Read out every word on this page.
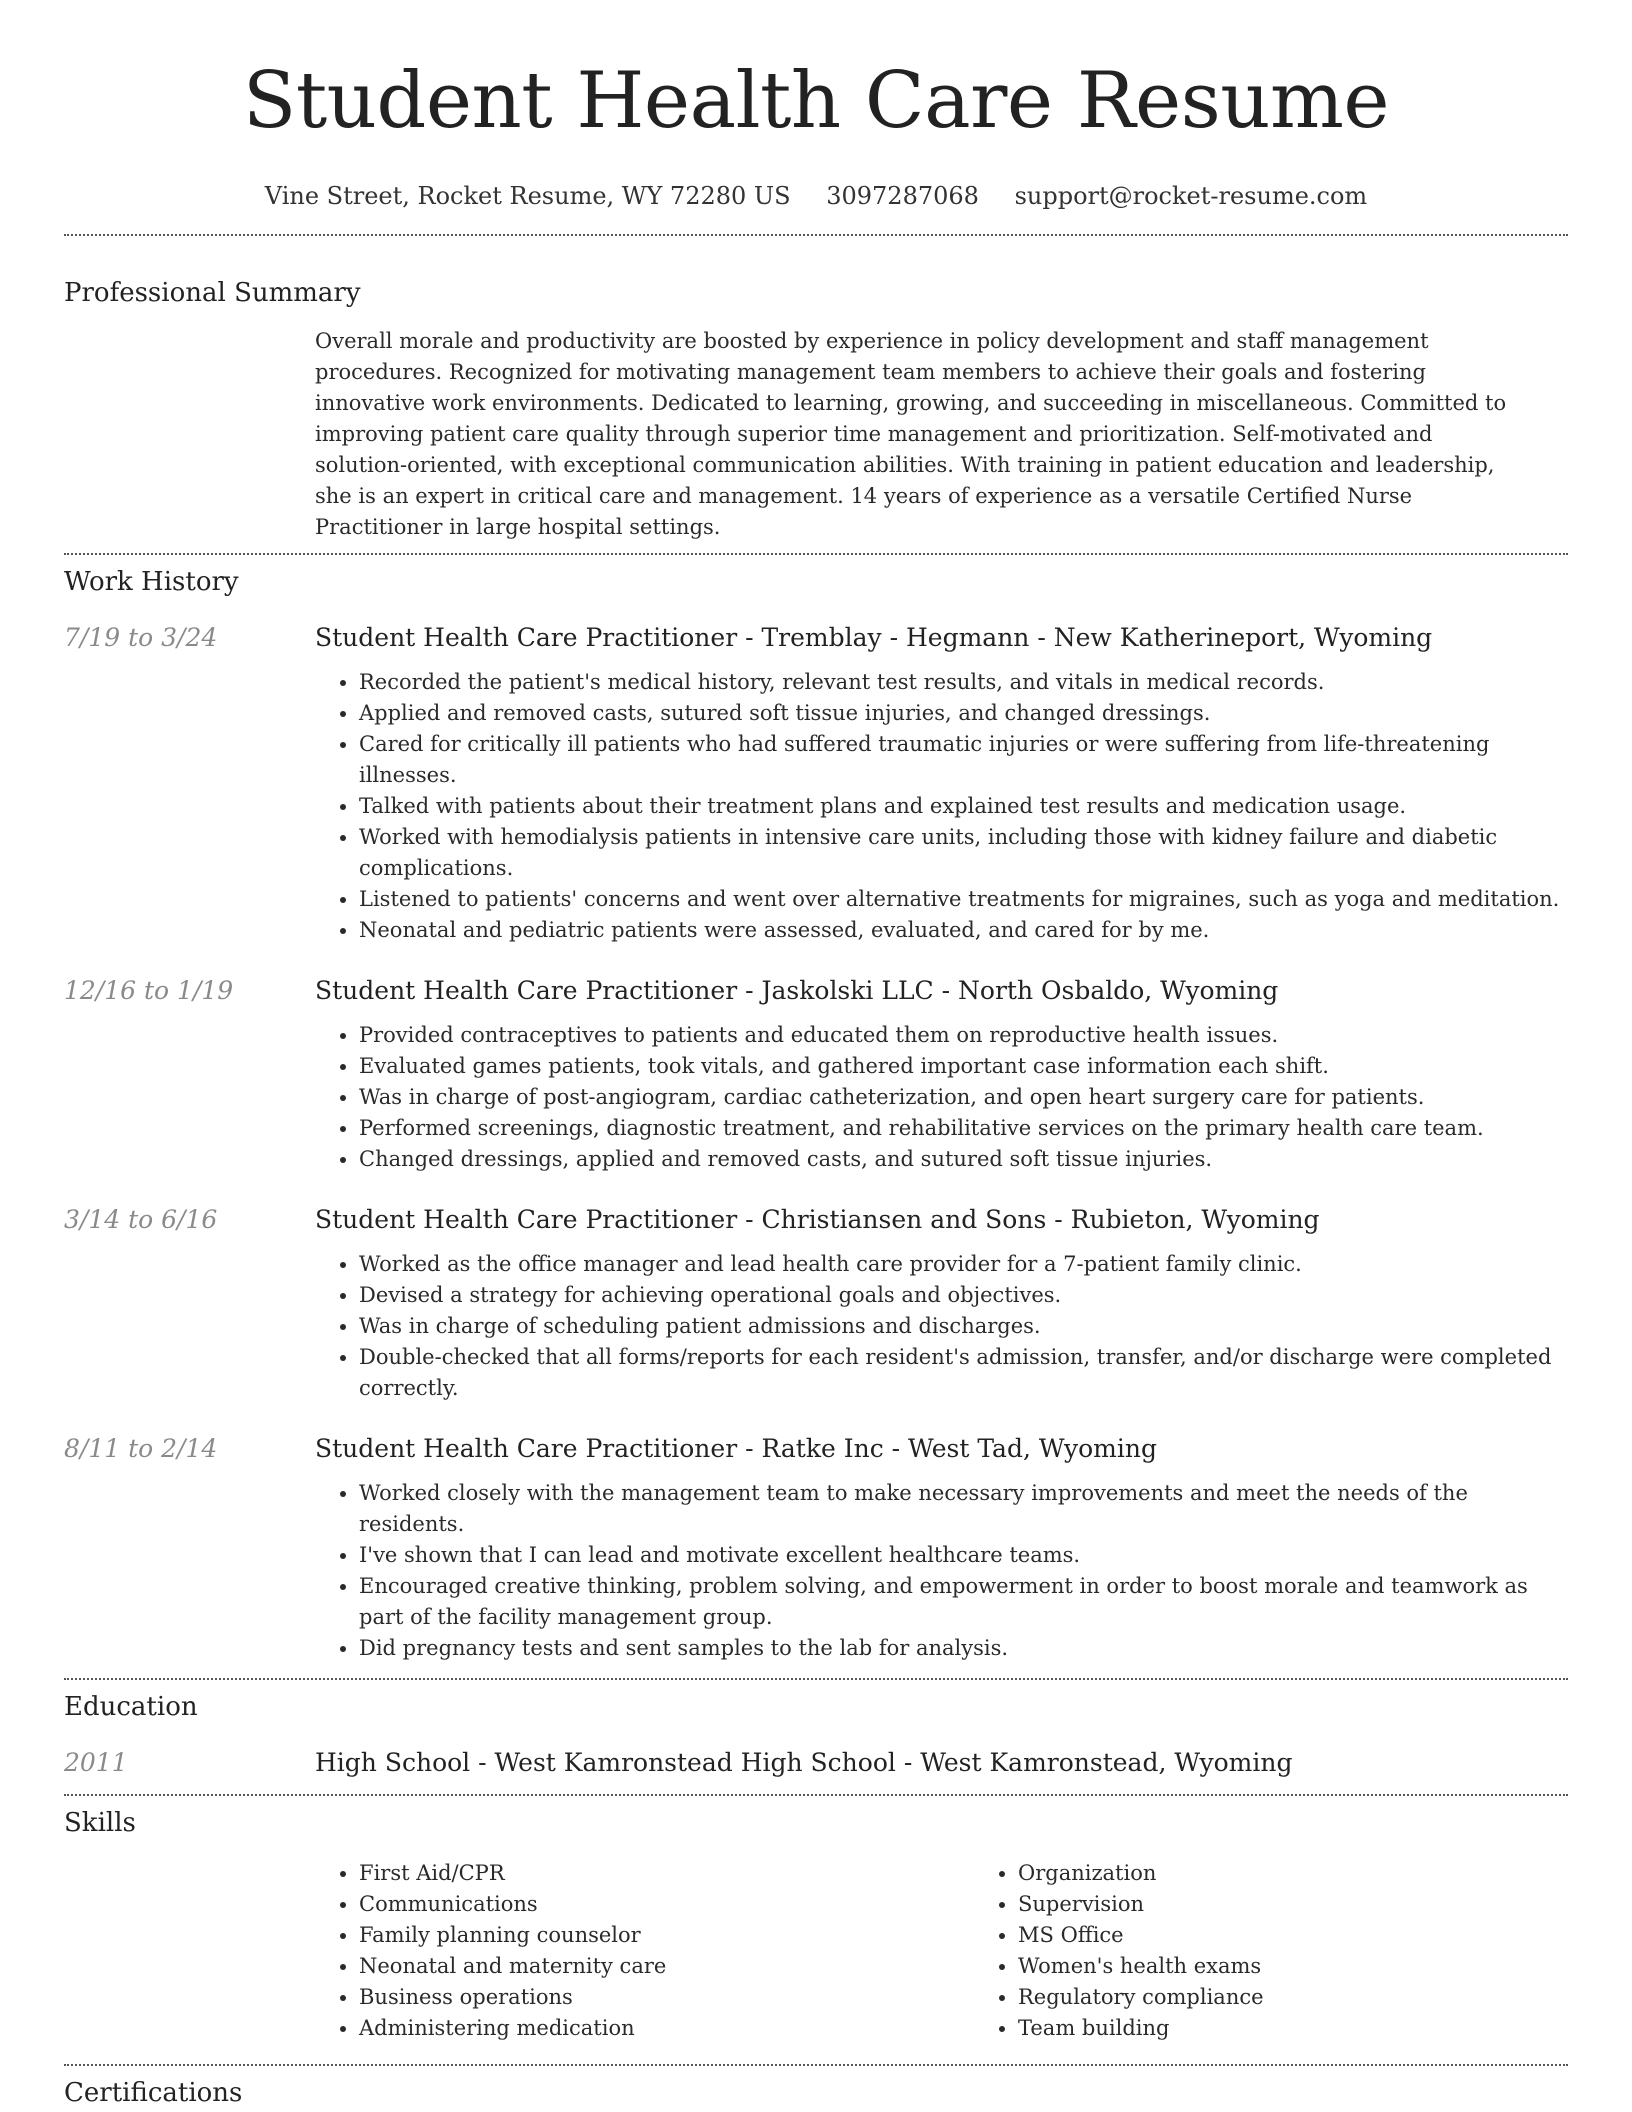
Student Health Care Resume
Vine Street, Rocket Resume, WY 72280 US 3097287068 support@rocket-resume.com
Professional Summary
Overall morale and productivity are boosted by experience in policy development and staff management procedures. Recognized for motivating management team members to achieve their goals and fostering innovative work environments. Dedicated to learning, growing, and succeeding in miscellaneous. Committed to improving patient care quality through superior time management and prioritization. Self-motivated and solution-oriented, with exceptional communication abilities. With training in patient education and leadership, she is an expert in critical care and management. 14 years of experience as a versatile Certified Nurse Practitioner in large hospital settings.
Work History
7/19 to 3/24	Student Health Care Practitioner - Tremblay - Hegmann - New Katherineport, Wyoming
• Recorded the patient's medical history, relevant test results, and vitals in medical records.
• Applied and removed casts, sutured soft tissue injuries, and changed dressings.
• Cared for critically ill patients who had suffered traumatic injuries or were suffering from life-threatening illnesses.
• Talked with patients about their treatment plans and explained test results and medication usage.
• Worked with hemodialysis patients in intensive care units, including those with kidney failure and diabetic complications.
• Listened to patients' concerns and went over alternative treatments for migraines, such as yoga and meditation.
• Neonatal and pediatric patients were assessed, evaluated, and cared for by me.
12/16 to 1/19	Student Health Care Practitioner - Jaskolski LLC - North Osbaldo, Wyoming
• Provided contraceptives to patients and educated them on reproductive health issues.
• Evaluated games patients, took vitals, and gathered important case information each shift.
• Was in charge of post-angiogram, cardiac catheterization, and open heart surgery care for patients.
• Performed screenings, diagnostic treatment, and rehabilitative services on the primary health care team.
• Changed dressings, applied and removed casts, and sutured soft tissue injuries.
3/14 to 6/16	Student Health Care Practitioner - Christiansen and Sons - Rubieton, Wyoming
• Worked as the office manager and lead health care provider for a 7-patient family clinic.
• Devised a strategy for achieving operational goals and objectives.
• Was in charge of scheduling patient admissions and discharges.
• Double-checked that all forms/reports for each resident's admission, transfer, and/or discharge were completed correctly.
8/11 to 2/14	Student Health Care Practitioner - Ratke Inc - West Tad, Wyoming
• Worked closely with the management team to make necessary improvements and meet the needs of the residents.
• I've shown that I can lead and motivate excellent healthcare teams.
• Encouraged creative thinking, problem solving, and empowerment in order to boost morale and teamwork as part of the facility management group.
• Did pregnancy tests and sent samples to the lab for analysis.
Education
2011	High School - West Kamronstead High School - West Kamronstead, Wyoming
Skills
• First Aid/CPR
• Communications
• Family planning counselor
• Neonatal and maternity care
• Business operations
• Administering medication
• Organization
• Supervision
• MS Office
• Women's health exams
• Regulatory compliance
• Team building
Certifications
